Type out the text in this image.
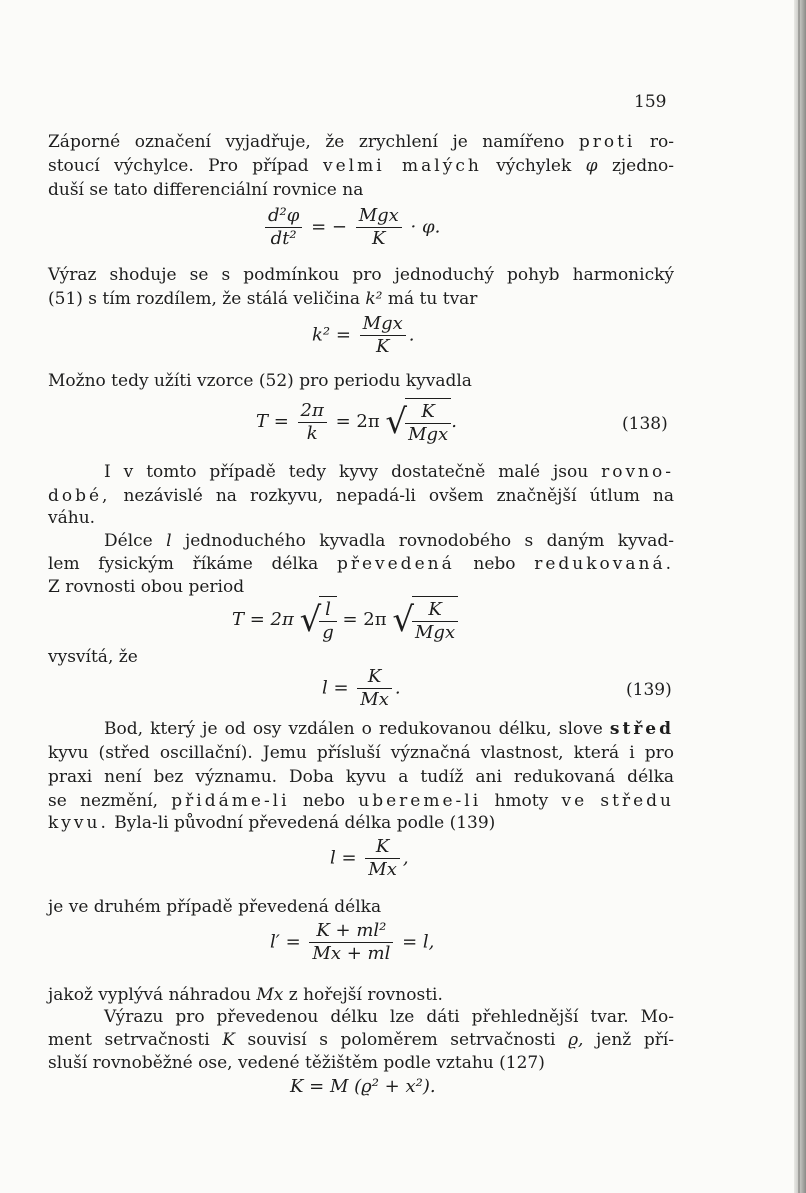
159
Záporné označení vyjadřuje, že zrychlení je namířeno proti ro-
stoucí výchylce. Pro případ velmi malých výchylek φ zjedno-
duší se tato differenciální rovnice na
$\frac{\text{d²φ}}{\text{dt²}}$ = − $\frac{\text{Mgx}}{K} \cdot \varphi$.
Výraz shoduje se s podmínkou pro jednoduchý pohyb harmonický
(51) s tím rozdílem, že stálá veličina k² má tu tvar
$k^2 = \frac{\text{Mgx}}{K}$ .
Možno tedy užíti vzorce (52) pro periodu kyvadla
$T = \frac{2\pi}{k} = 2\pi$ √
$\frac{K}{\text{Mgx}}$ .	(138)
I v tomto případě tedy kyvy dostatečně malé jsou rovno-
dobé, nezávislé na rozkyvu, nepadá-li ovšem značnější útlum na
váhu.
Délce l jednoduchého kyvadla rovnodobého s daným kyvad-
lem fysickým říkáme délka převedená nebo redukovaná.
Z rovnosti obou period
T = 2π √
$\frac{l}{g} = 2\pi$ √
$\frac{K}{\text{Mgx}}$
vysvítá, že
$l = \frac{K}{Mx}$ .	(139)
Bod, který je od osy vzdálen o redukovanou délku, slove střed
kyvu (střed oscillační). Jemu přísluší význačná vlastnost, která i pro
praxi není bez významu. Doba kyvu a tudíž ani redukovaná délka
se nezmění, přidáme-li nebo ubereme-li hmoty ve středu
kyvu. Byla-li původní převedená délka podle (139)
$l = \frac{K}{Mx}$ ,
je ve druhém případě převedená délka
$l' = \frac{\text{K + ml²}}{Mx + ml} = l$,
jakož vyplývá náhradou Mx z hořejší rovnosti.
Výrazu pro převedenou délku lze dáti přehlednější tvar. Mo-
ment setrvačnosti K souvisí s poloměrem setrvačnosti ϱ, jenž pří-
sluší rovnoběžné ose, vedené těžištěm podle vztahu (127)
K = M (ϱ² + x²).
